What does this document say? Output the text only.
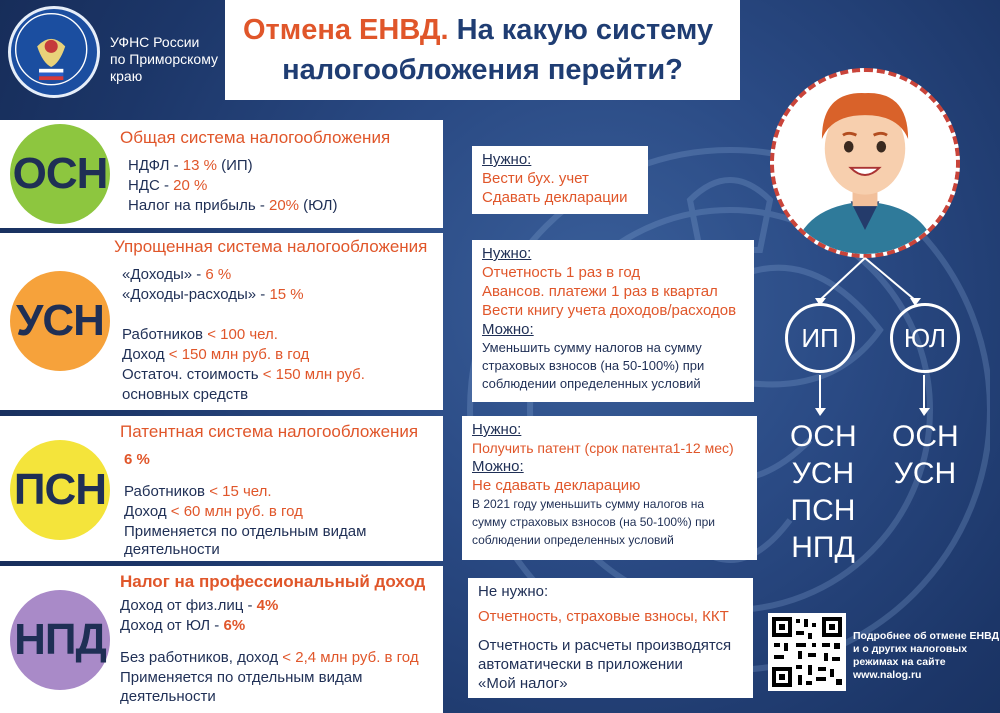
УФНС России
по Приморскому
краю
Отмена ЕНВД. На какую систему
налогообложения перейти?
ОСН
Общая система налогообложения
НДФЛ - 13 % (ИП)
НДС - 20 %
Налог на прибыль - 20% (ЮЛ)
УСН
Упрощенная система налогообложения
«Доходы» - 6 %
«Доходы-расходы» - 15 %
Работников < 100 чел.
Доход < 150 млн руб. в год
Остаточ. стоимость < 150 млн руб.
основных средств
ПСН
Патентная система налогообложения
6 %
Работников < 15 чел.
Доход < 60 млн руб. в год
Применяется по отдельным видам
деятельности
НПД
Налог на профессиональный доход
Доход от физ.лиц - 4%
Доход от ЮЛ - 6%
Без работников, доход < 2,4 млн руб. в год
Применяется по отдельным видам
деятельности
Нужно:
Вести бух. учет
Сдавать декларации
Нужно:
Отчетность 1 раз в год
Авансов. платежи 1 раз в квартал
Вести книгу учета доходов/расходов
Можно:
Уменьшить сумму налогов на сумму
страховых взносов (на 50-100%) при
соблюдении определенных условий
Нужно:
Получить патент (срок патента1-12 мес)
Можно:
Не сдавать декларацию
В 2021 году уменьшить сумму налогов на
сумму страховых взносов (на 50-100%) при
соблюдении определенных условий
Не нужно:
Отчетность, страховые взносы, ККТ
Отчетность и расчеты производятся
автоматически в приложении
«Мой налог»
ИП	ЮЛ
ОСН
УСН
ПСН
НПД
ОСН
УСН
Подробнее об отмене ЕНВД
и о других налоговых
режимах на сайте
www.nalog.ru
